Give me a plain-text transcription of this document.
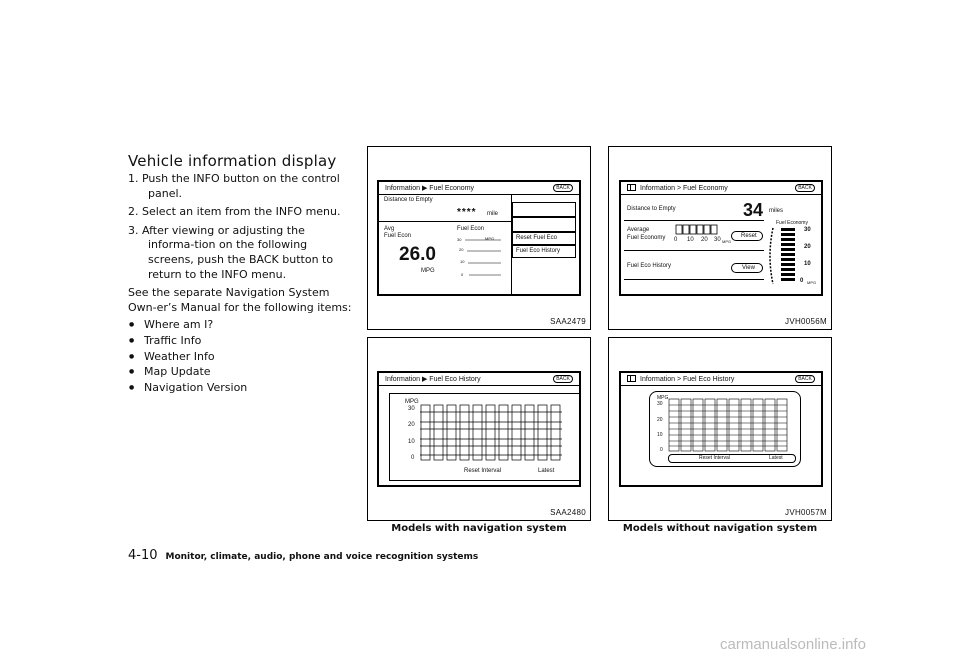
Vehicle information display
1. Push the INFO button on the control panel.
2. Select an item from the INFO menu.
3. After viewing or adjusting the informa-tion on the following screens, push the BACK button to return to the INFO menu.
See the separate Navigation System Own-er’s Manual for the following items:
● Where am I?
● Traffic Info
● Weather Info
● Map Update
● Navigation Version
Information ▶ Fuel Economy	BACK
Distance to Empty
**** mile
Avg
Fuel Econ
26.0
MPG
Fuel Econ
MPG
30
20
10
0
Reset Fuel Eco
Fuel Eco History
SAA2479
Information > Fuel Economy	BACK
Distance to Empty	34 miles
Average
Fuel Economy 0 10 20 30 MPG
Reset
Fuel Eco History	View
Fuel Economy
30
20
10
0 MPG
JVH0056M
Information ▶ Fuel Eco History	BACK
MPG
30
20
10
0
Reset Interval	Latest
SAA2480
Information > Fuel Eco History	BACK
MPG
30
20
10
0
Reset Interval	Latest
JVH0057M
Models with navigation system	Models without navigation system
4-10 Monitor, climate, audio, phone and voice recognition systems
carmanualsonline.info
